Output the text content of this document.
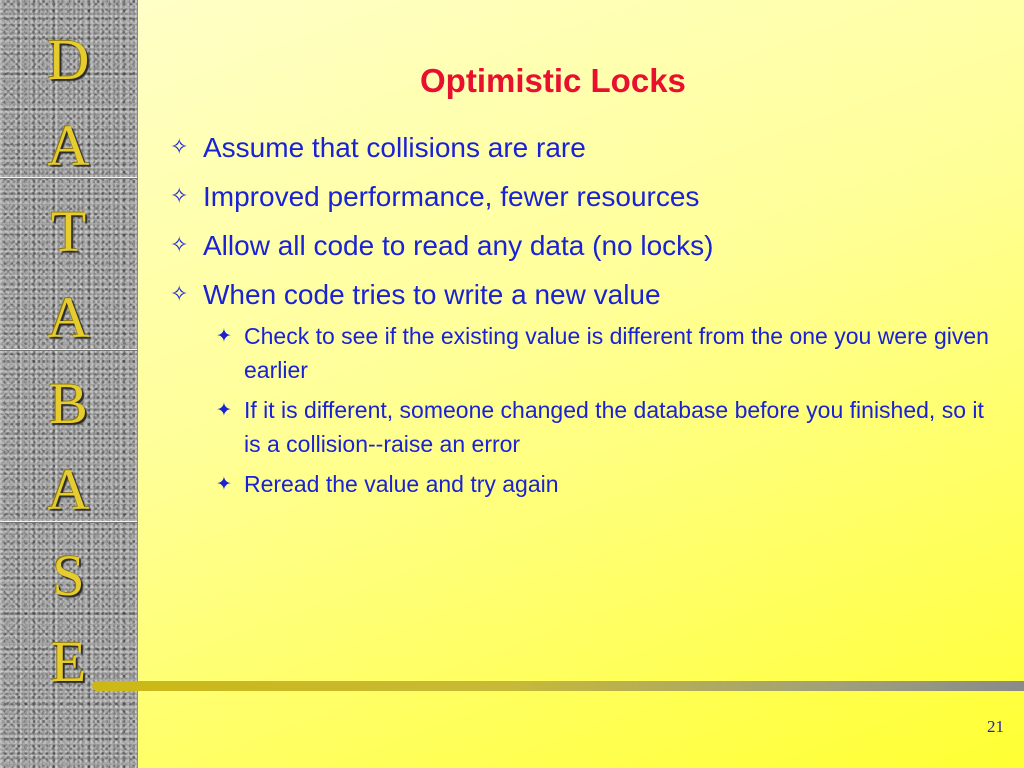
D
A
T
A
B
A
S
E
Optimistic Locks
✧ Assume that collisions are rare
✧ Improved performance, fewer resources
✧ Allow all code to read any data (no locks)
✧ When code tries to write a new value
✦ Check to see if the existing value is different from the one you were given earlier
✦ If it is different, someone changed the database before you finished, so it is a collision--raise an error
✦ Reread the value and try again
21
